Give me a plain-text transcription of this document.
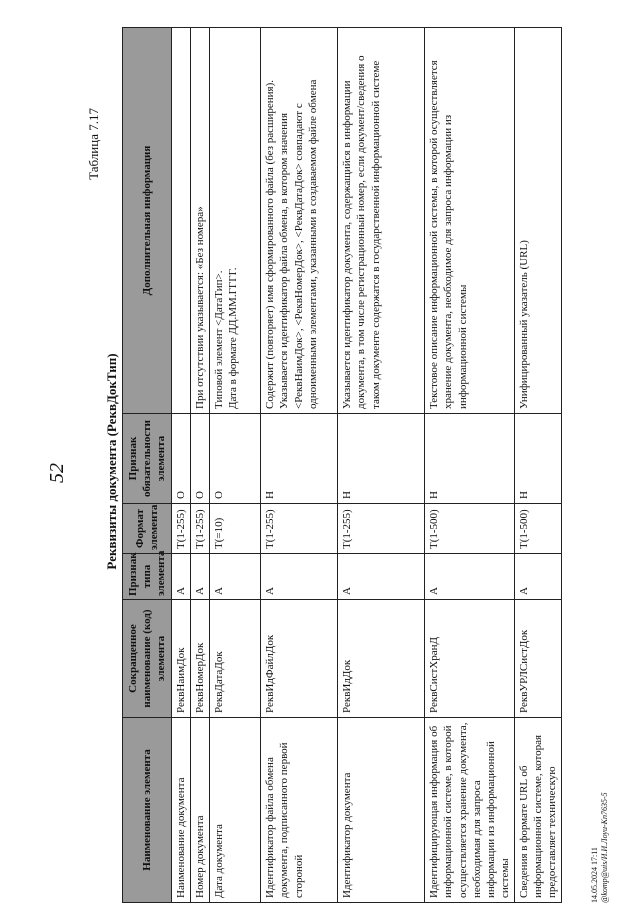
52
Таблица 7.17
Реквизиты документа (РеквДокТип)
Наименование элемента	Сокращенное наименование (код) элемента	Признак типа элемента	Формат элемента	Признак обязательности элемента	Дополнительная информация
Наименование документа	РеквНаимДок	А	T(1-255)	О	
Номер документа	РеквНомерДок	А	T(1-255)	О	При отсутствии указывается: «Без номера»
Дата документа	РеквДатаДок	А	T(=10)	О	Типовой элемент <ДатаТип>. Дата в формате ДД.ММ.ГГГГ.

Идентификатор файла обмена документа, подписанного первой стороной	РеквИдФайлДок	А	T(1-255)	Н	Содержит (повторяет) имя сформированного файла (без расширения). Указывается идентификатор файла обмена, в котором значения <РеквНаимДок>, <РеквНомерДок>, <РеквДатаДок> совпадают с одноименными элементами, указанными в создаваемом файле обмена
Идентификатор документа	РеквИдДок	А	T(1-255)	Н	Указывается идентификатор документа, содержащийся в информации документа, в том числе регистрационный номер, если документ/сведения о таком документе содержатся в государственной информационной системе
Идентифицирующая информация об информационной системе, в которой осуществляется хранение документа, необходимая для запроса информации из информационной системы	РеквСистХранД	А	T(1-500)	Н	Текстовое описание информационной системы, в которой осуществляется хранение документа, необходимое для запроса информации из информационной системы
Сведения в формате URL об информационной системе, которая предоставляет техническую	РеквУРЛСистДок	А	T(1-500)	Н	Унифицированный указатель (URL)
14.05.2024 17:11 @komp@uis/И.И.Лоуи-Kn7635-5
